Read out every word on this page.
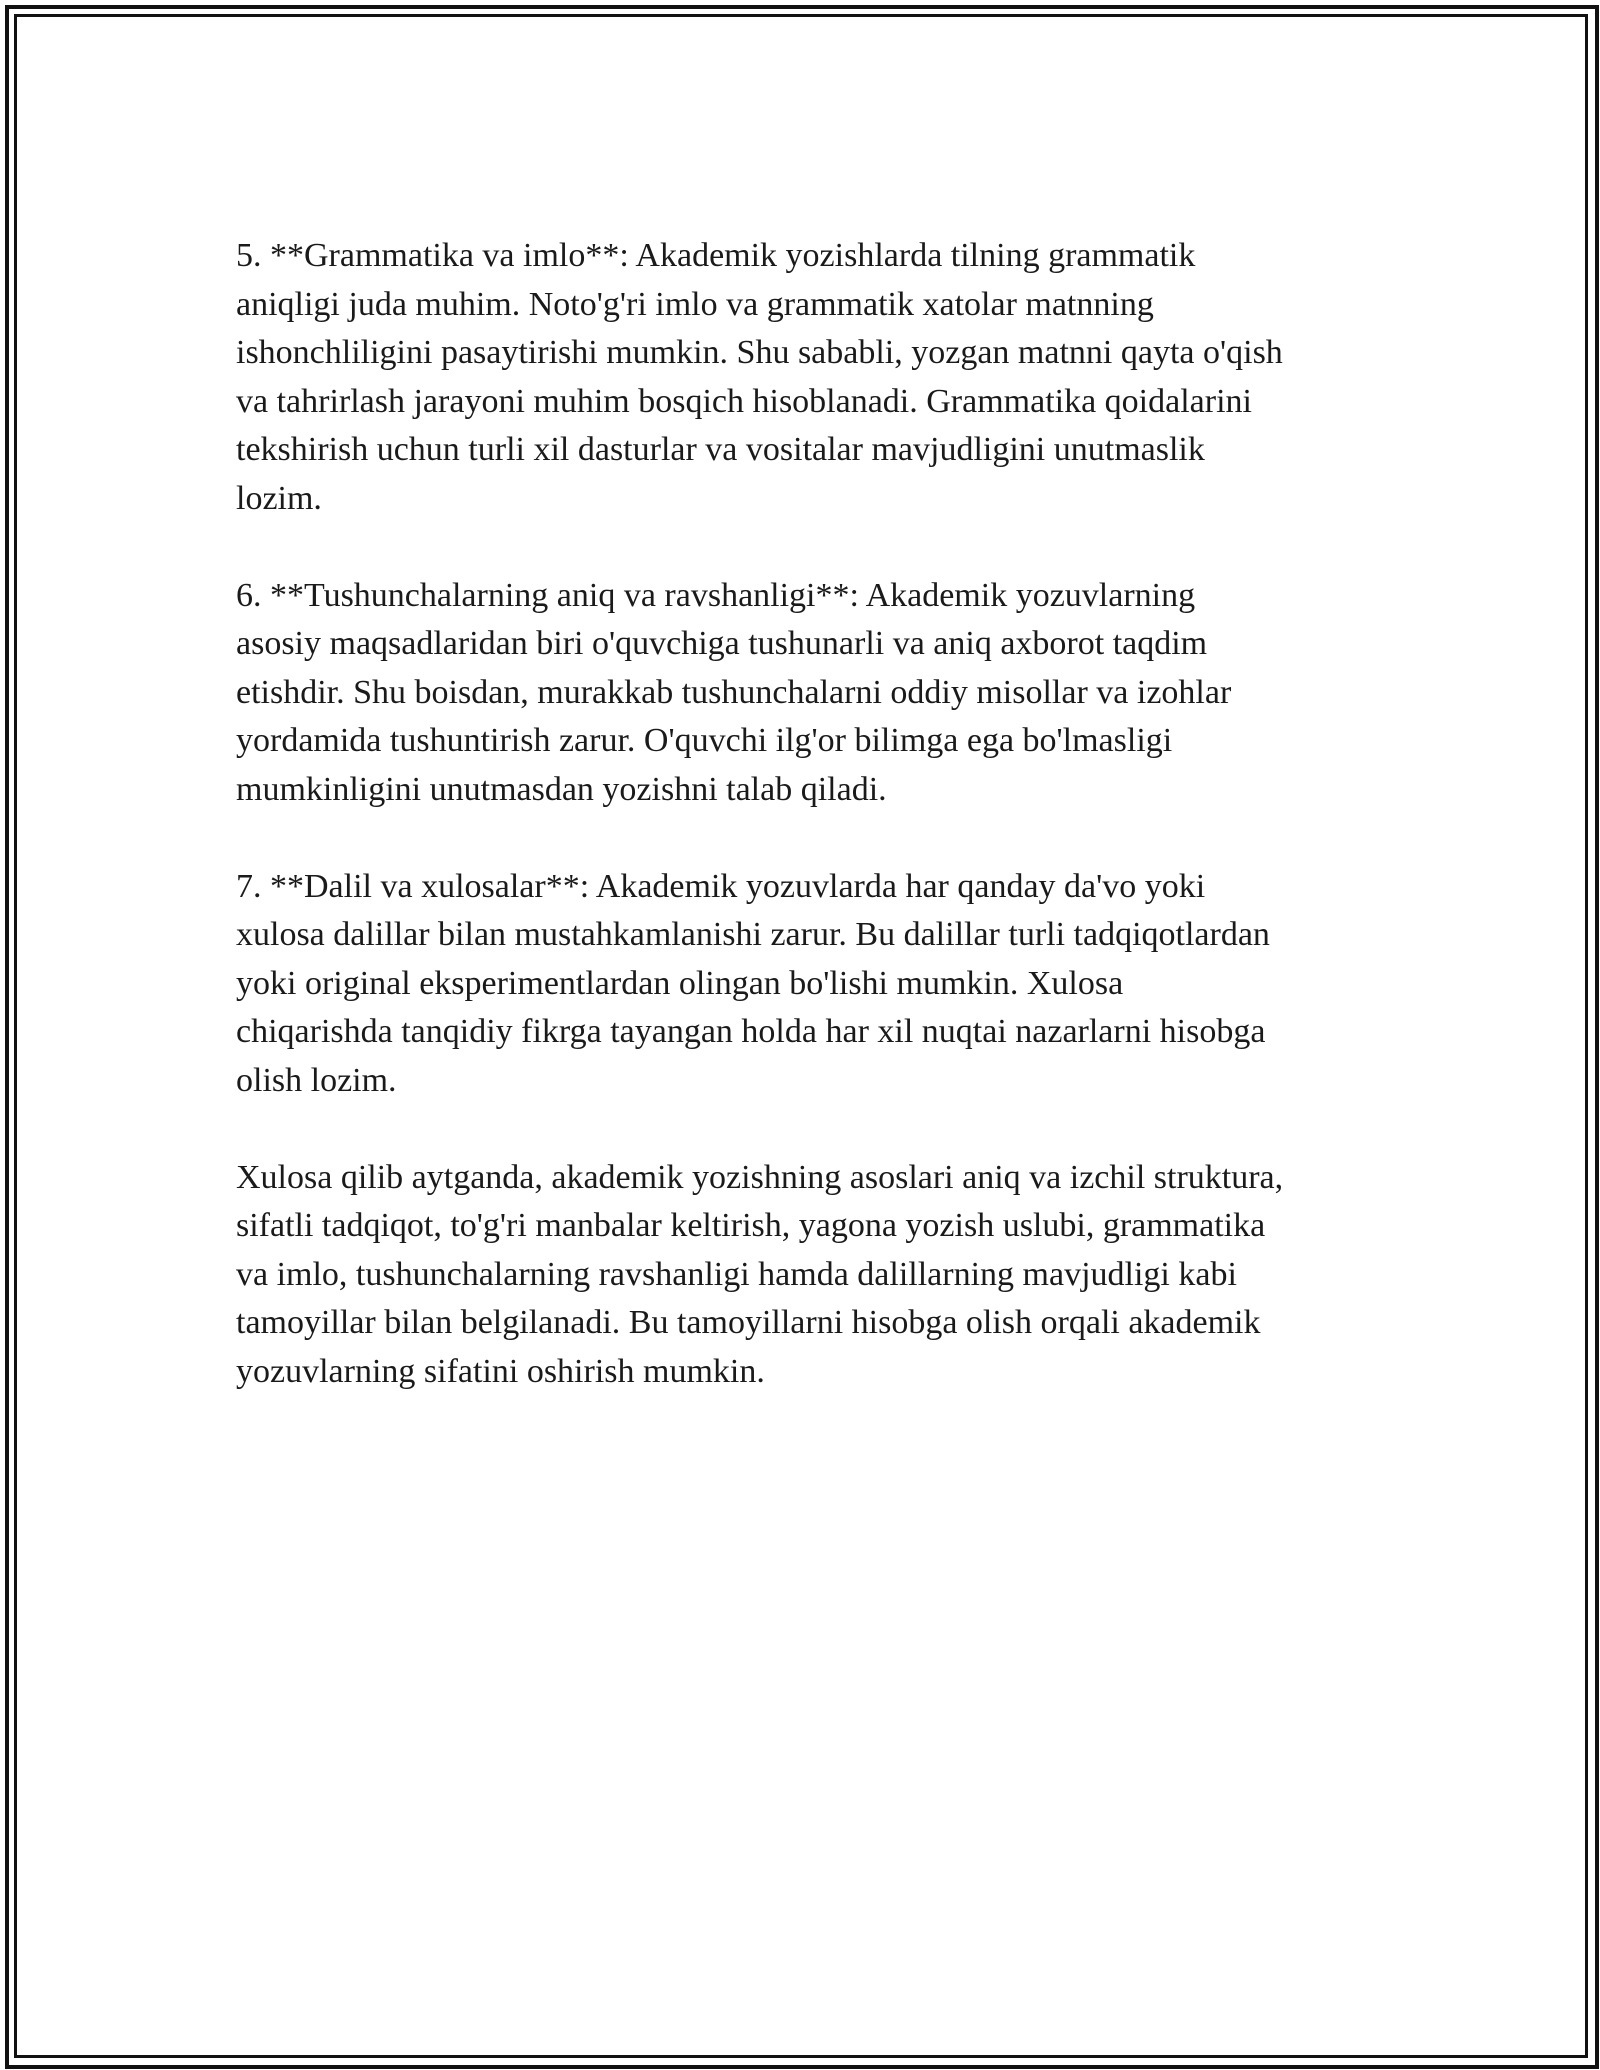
5. **Grammatika va imlo**: Akademik yozishlarda tilning grammatik
aniqligi juda muhim. Noto'g'ri imlo va grammatik xatolar matnning
ishonchliligini pasaytirishi mumkin. Shu sababli, yozgan matnni qayta o'qish
va tahrirlash jarayoni muhim bosqich hisoblanadi. Grammatika qoidalarini
tekshirish uchun turli xil dasturlar va vositalar mavjudligini unutmaslik
lozim.

6. **Tushunchalarning aniq va ravshanligi**: Akademik yozuvlarning
asosiy maqsadlaridan biri o'quvchiga tushunarli va aniq axborot taqdim
etishdir. Shu boisdan, murakkab tushunchalarni oddiy misollar va izohlar
yordamida tushuntirish zarur. O'quvchi ilg'or bilimga ega bo'lmasligi
mumkinligini unutmasdan yozishni talab qiladi.

7. **Dalil va xulosalar**: Akademik yozuvlarda har qanday da'vo yoki
xulosa dalillar bilan mustahkamlanishi zarur. Bu dalillar turli tadqiqotlardan
yoki original eksperimentlardan olingan bo'lishi mumkin. Xulosa
chiqarishda tanqidiy fikrga tayangan holda har xil nuqtai nazarlarni hisobga
olish lozim.

Xulosa qilib aytganda, akademik yozishning asoslari aniq va izchil struktura,
sifatli tadqiqot, to'g'ri manbalar keltirish, yagona yozish uslubi, grammatika
va imlo, tushunchalarning ravshanligi hamda dalillarning mavjudligi kabi
tamoyillar bilan belgilanadi. Bu tamoyillarni hisobga olish orqali akademik
yozuvlarning sifatini oshirish mumkin.
